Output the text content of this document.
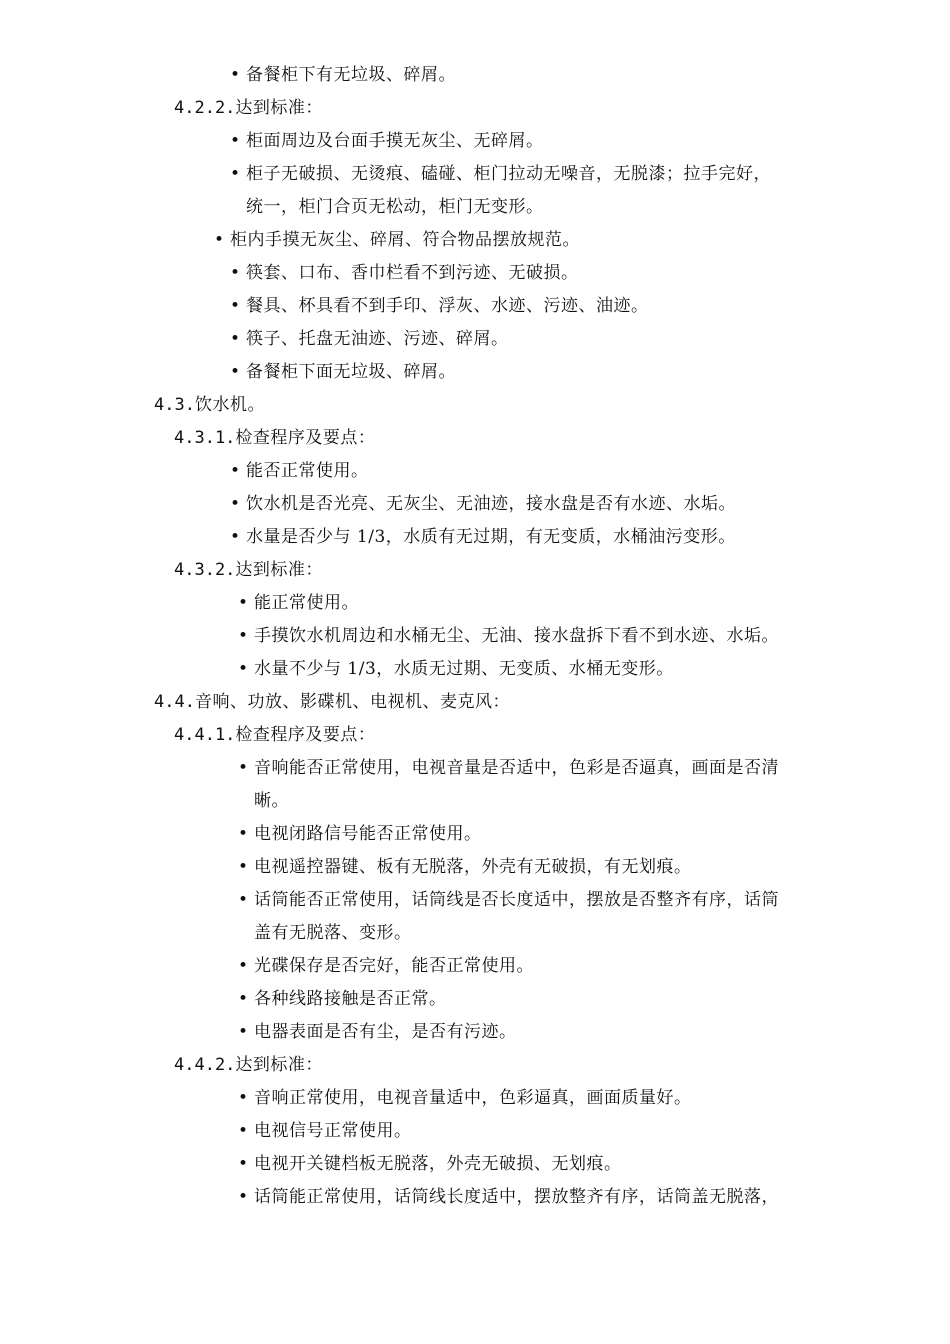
• 备餐柜下有无垃圾、碎屑。
4.2.2.达到标准：
• 柜面周边及台面手摸无灰尘、无碎屑。
• 柜子无破损、无烫痕、磕碰、柜门拉动无噪音，无脱漆；拉手完好，
统一，柜门合页无松动，柜门无变形。
• 柜内手摸无灰尘、碎屑、符合物品摆放规范。
• 筷套、口布、香巾栏看不到污迹、无破损。
• 餐具、杯具看不到手印、浮灰、水迹、污迹、油迹。
• 筷子、托盘无油迹、污迹、碎屑。
• 备餐柜下面无垃圾、碎屑。
4.3.饮水机。
4.3.1.检查程序及要点：
• 能否正常使用。
• 饮水机是否光亮、无灰尘、无油迹，接水盘是否有水迹、水垢。
• 水量是否少与 1/3，水质有无过期，有无变质，水桶油污变形。
4.3.2.达到标准：
• 能正常使用。
• 手摸饮水机周边和水桶无尘、无油、接水盘拆下看不到水迹、水垢。
• 水量不少与 1/3，水质无过期、无变质、水桶无变形。
4.4.音响、功放、影碟机、电视机、麦克风：
4.4.1.检查程序及要点：
• 音响能否正常使用，电视音量是否适中，色彩是否逼真，画面是否清
晰。
• 电视闭路信号能否正常使用。
• 电视遥控器键、板有无脱落，外壳有无破损，有无划痕。
• 话筒能否正常使用，话筒线是否长度适中，摆放是否整齐有序，话筒
盖有无脱落、变形。
• 光碟保存是否完好，能否正常使用。
• 各种线路接触是否正常。
• 电器表面是否有尘，是否有污迹。
4.4.2.达到标准：
• 音响正常使用，电视音量适中，色彩逼真，画面质量好。
• 电视信号正常使用。
• 电视开关键档板无脱落，外壳无破损、无划痕。
• 话筒能正常使用，话筒线长度适中，摆放整齐有序，话筒盖无脱落，
